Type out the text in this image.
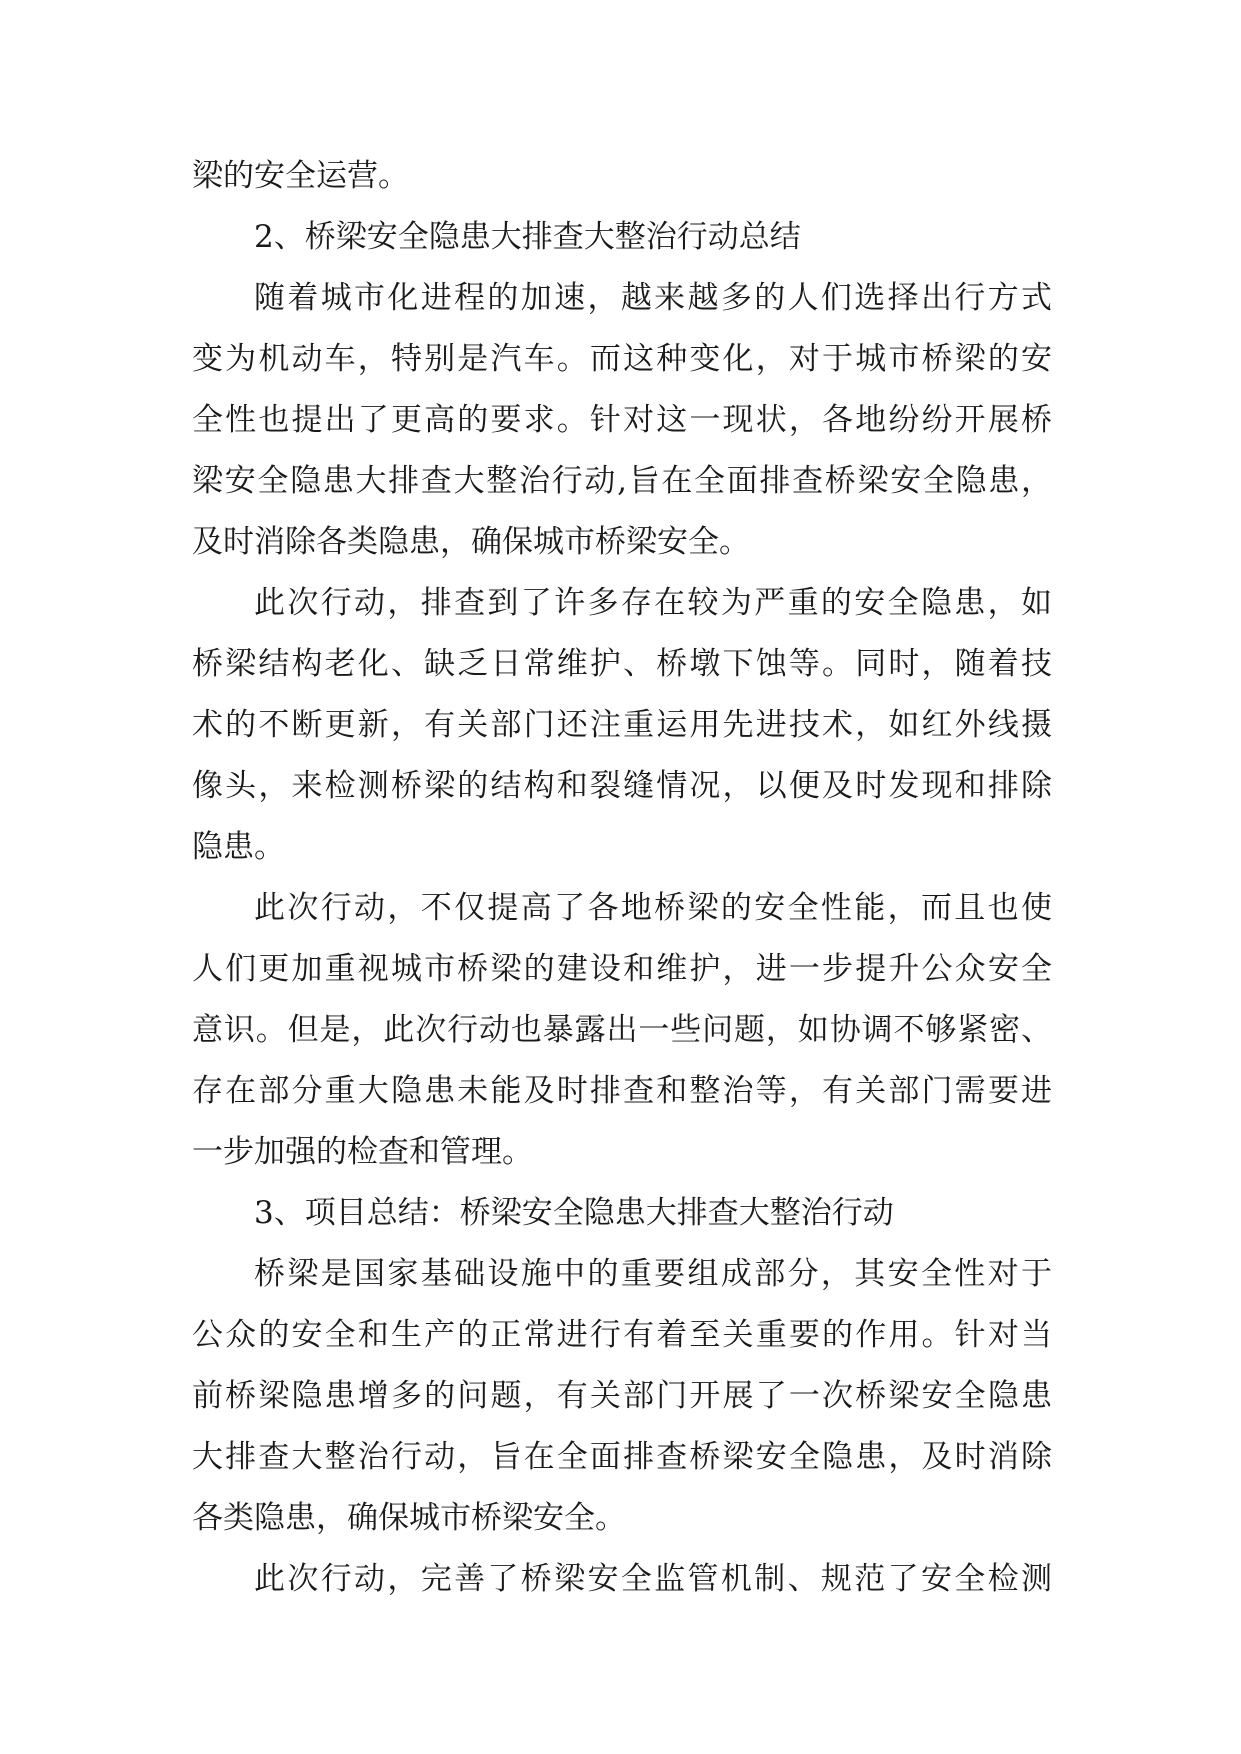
梁的安全运营。
2、桥梁安全隐患大排查大整治行动总结
随着城市化进程的加速，越来越多的人们选择出行方式
变为机动车，特别是汽车。而这种变化，对于城市桥梁的安
全性也提出了更高的要求。针对这一现状，各地纷纷开展桥
梁安全隐患大排查大整治行动,旨在全面排查桥梁安全隐患，
及时消除各类隐患，确保城市桥梁安全。
此次行动，排查到了许多存在较为严重的安全隐患，如
桥梁结构老化、缺乏日常维护、桥墩下蚀等。同时，随着技
术的不断更新，有关部门还注重运用先进技术，如红外线摄
像头，来检测桥梁的结构和裂缝情况，以便及时发现和排除
隐患。
此次行动，不仅提高了各地桥梁的安全性能，而且也使
人们更加重视城市桥梁的建设和维护，进一步提升公众安全
意识。但是，此次行动也暴露出一些问题，如协调不够紧密、
存在部分重大隐患未能及时排查和整治等，有关部门需要进
一步加强的检查和管理。
3、项目总结：桥梁安全隐患大排查大整治行动
桥梁是国家基础设施中的重要组成部分，其安全性对于
公众的安全和生产的正常进行有着至关重要的作用。针对当
前桥梁隐患增多的问题，有关部门开展了一次桥梁安全隐患
大排查大整治行动，旨在全面排查桥梁安全隐患，及时消除
各类隐患，确保城市桥梁安全。
此次行动，完善了桥梁安全监管机制、规范了安全检测
